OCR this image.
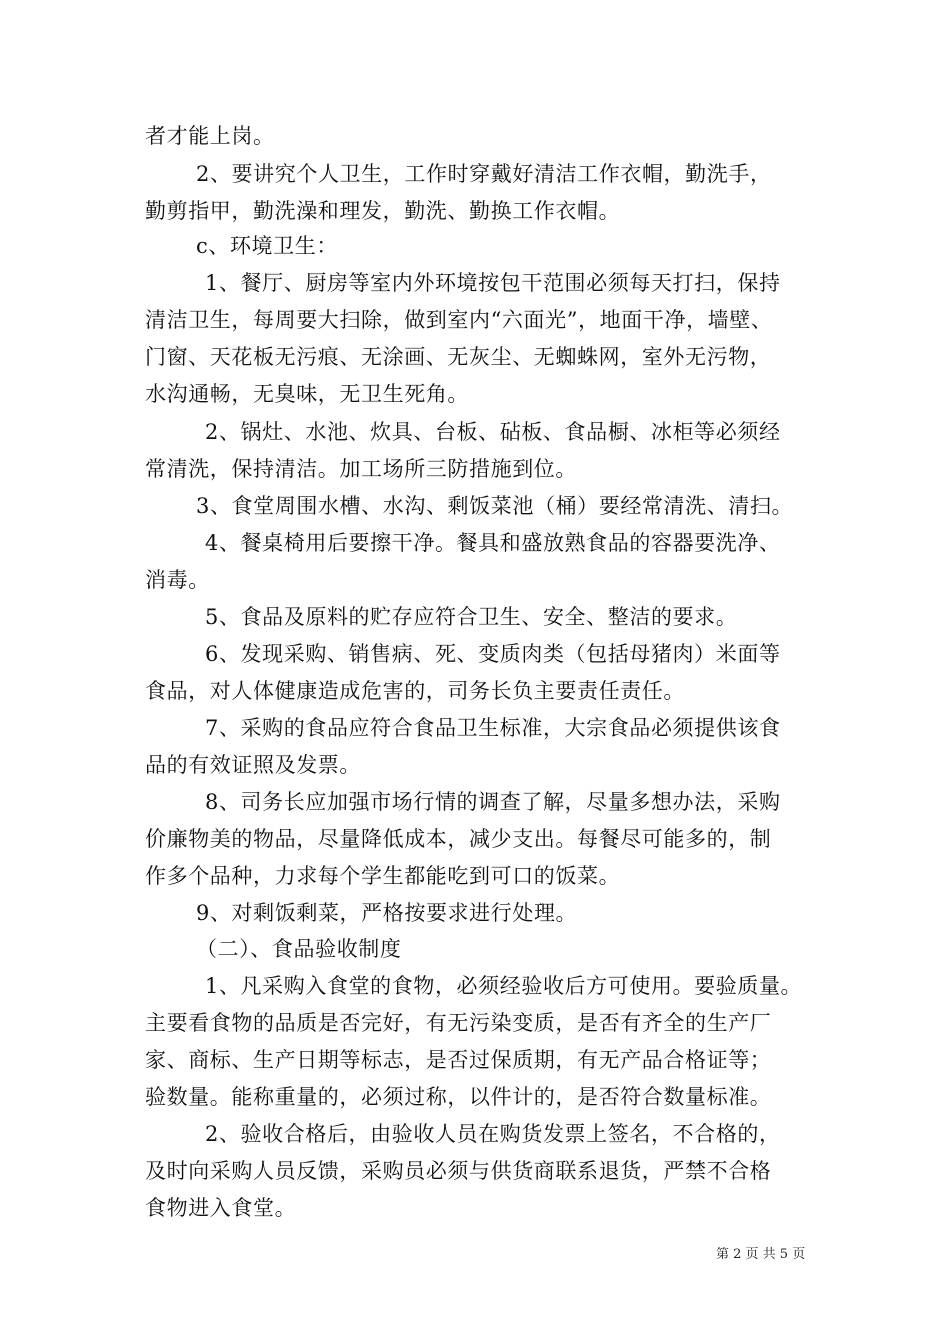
者才能上岗。
2、要讲究个人卫生，工作时穿戴好清洁工作衣帽，勤洗手，
勤剪指甲，勤洗澡和理发，勤洗、勤换工作衣帽。
c、环境卫生：
1、餐厅、厨房等室内外环境按包干范围必须每天打扫，保持
清洁卫生，每周要大扫除，做到室内“六面光”，地面干净，墙壁、
门窗、天花板无污痕、无涂画、无灰尘、无蜘蛛网，室外无污物，
水沟通畅，无臭味，无卫生死角。
2、锅灶、水池、炊具、台板、砧板、食品橱、冰柜等必须经
常清洗，保持清洁。加工场所三防措施到位。
3、食堂周围水槽、水沟、剩饭菜池（桶）要经常清洗、清扫。
4、餐桌椅用后要擦干净。餐具和盛放熟食品的容器要洗净、
消毒。
5、食品及原料的贮存应符合卫生、安全、整洁的要求。
6、发现采购、销售病、死、变质肉类（包括母猪肉）米面等
食品，对人体健康造成危害的，司务长负主要责任责任。
7、采购的食品应符合食品卫生标准，大宗食品必须提供该食
品的有效证照及发票。
8、司务长应加强市场行情的调查了解，尽量多想办法，采购
价廉物美的物品，尽量降低成本，减少支出。每餐尽可能多的，制
作多个品种，力求每个学生都能吃到可口的饭菜。
9、对剩饭剩菜，严格按要求进行处理。
（二）、食品验收制度
1、凡采购入食堂的食物，必须经验收后方可使用。要验质量。
主要看食物的品质是否完好，有无污染变质，是否有齐全的生产厂
家、商标、生产日期等标志，是否过保质期，有无产品合格证等；
验数量。能称重量的，必须过称，以件计的，是否符合数量标准。
2、验收合格后，由验收人员在购货发票上签名，不合格的，
及时向采购人员反馈，采购员必须与供货商联系退货，严禁不合格
食物进入食堂。
第 2 页 共 5 页
